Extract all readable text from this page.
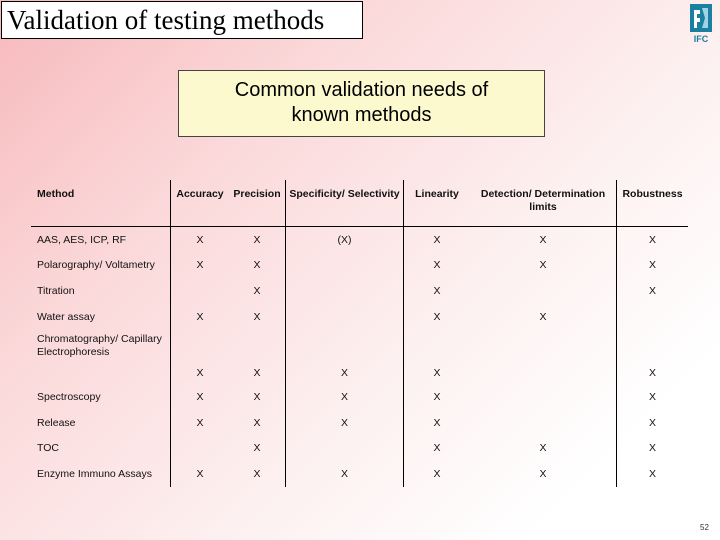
Validation of testing methods
IFC
Common validation needs of
known methods
Method	Accuracy	Precision	Specificity/ Selectivity	Linearity	Detection/ Determination limits	Robustness
AAS, AES, ICP, RF	X	X	(X)	X	X	X
Polarography/ Voltametry	X	X		X	X	X
Titration		X		X		X
Water assay	X	X		X	X	
Chromatography/ Capillary Electrophoresis	X	X	X	X		X
Spectroscopy	X	X	X	X		X
Release	X	X	X	X		X
TOC		X		X	X	X
Enzyme Immuno Assays	X	X	X	X	X	X
52
